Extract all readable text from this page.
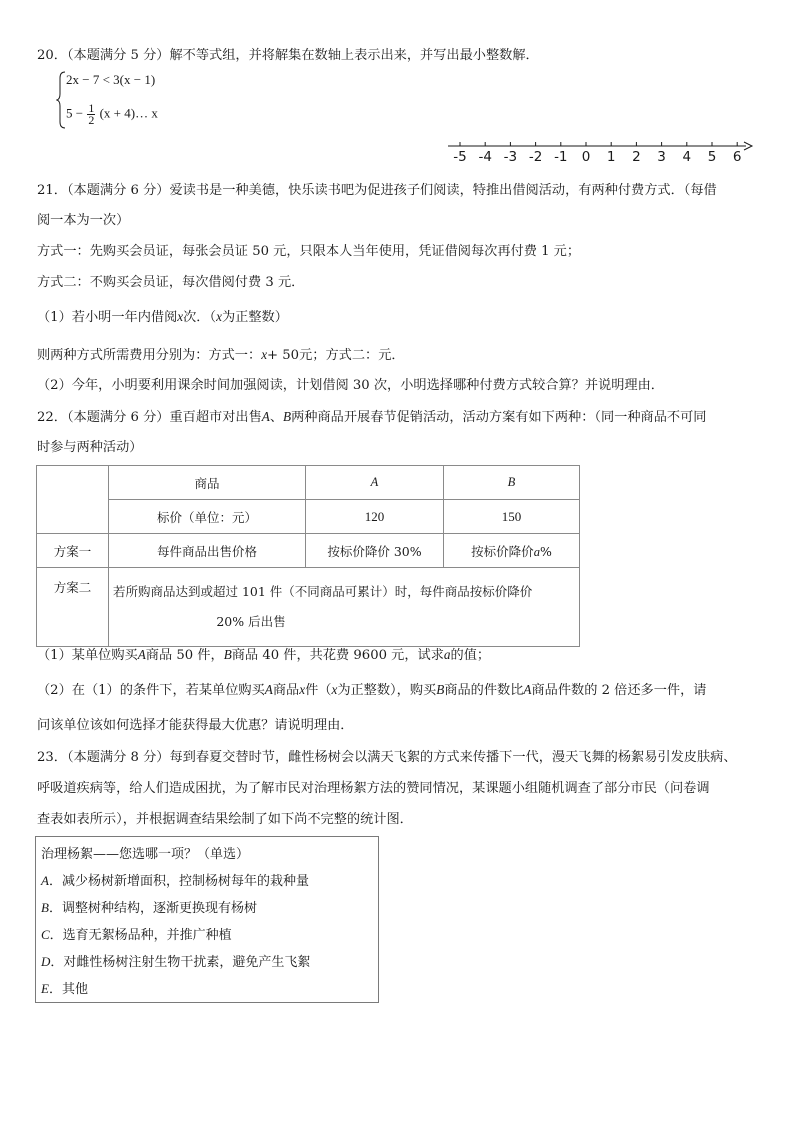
20．（本题满分 5 分）解不等式组，并将解集在数轴上表示出来，并写出最小整数解．
2x − 7 < 3(x − 1)
$5 - \frac{1}{2} (x$ + 4)… x
-5 -4 -3 -2 -1 0 1 2 3 4 5 6
21．（本题满分 6 分）爱读书是一种美德，快乐读书吧为促进孩子们阅读，特推出借阅活动，有两种付费方式．（每借
阅一本为一次）
方式一：先购买会员证，每张会员证 50 元，只限本人当年使用，凭证借阅每次再付费 1 元；
方式二：不购买会员证，每次借阅付费 3 元．
（1）若小明一年内借阅x次．（x为正整数）
则两种方式所需费用分别为：方式一：x+ 50元；方式二：元．
（2）今年，小明要利用课余时间加强阅读，计划借阅 30 次，小明选择哪种付费方式较合算？并说明理由．
22．（本题满分 6 分）重百超市对出售A、B两种商品开展春节促销活动，活动方案有如下两种：（同一种商品不可同
时参与两种活动）
	商品	A	B
	标价（单位：元）	120	150
方案一	每件商品出售价格	按标价降价 30%	按标价降价a%
方案二	若所购商品达到或超过 101 件（不同商品可累计）时，每件商品按标价降价
20% 后出售		
（1）某单位购买A商品 50 件，B商品 40 件，共花费 9600 元，试求a的值；
（2）在（1）的条件下，若某单位购买A商品x件（x为正整数），购买B商品的件数比A商品件数的 2 倍还多一件，请
问该单位该如何选择才能获得最大优惠？请说明理由．
23．（本题满分 8 分）每到春夏交替时节，雌性杨树会以满天飞絮的方式来传播下一代，漫天飞舞的杨絮易引发皮肤病、
呼吸道疾病等，给人们造成困扰，为了解市民对治理杨絮方法的赞同情况，某课题小组随机调查了部分市民（问卷调
查表如表所示），并根据调查结果绘制了如下尚不完整的统计图．
治理杨絮——您选哪一项？（单选）
A．减少杨树新增面积，控制杨树每年的栽种量
B．调整树种结构，逐渐更换现有杨树
C．选育无絮杨品种，并推广种植
D．对雌性杨树注射生物干扰素，避免产生飞絮
E．其他
